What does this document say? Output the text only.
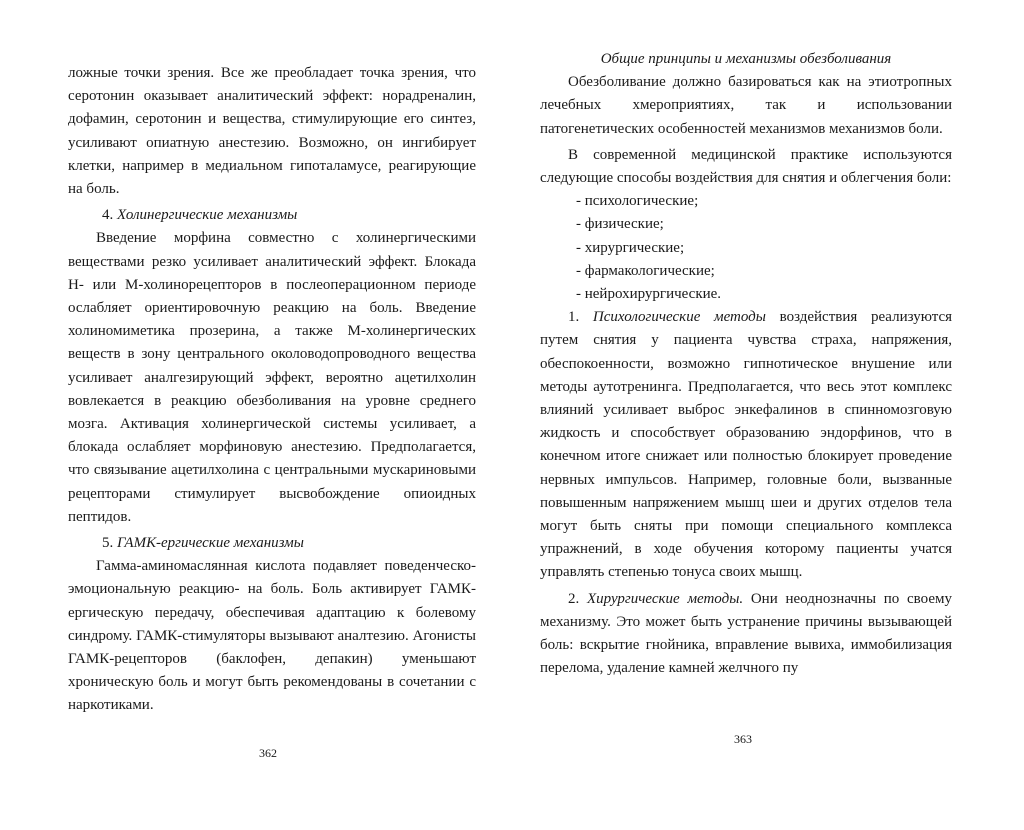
ложные точки зрения. Все же преобладает точка зрения, что серотонин оказывает аналитический эффект: норадреналин, дофамин, серотонин и вещества, стимулирующие его синтез, усиливают опиатную анестезию. Возможно, он ингибирует клетки, например в медиальном гипоталамусе, реагирующие на боль.

4. Холинергические механизмы

Введение морфина совместно с холинергическими веществами резко усиливает аналитический эффект. Блокада Н- или М-холинорецепторов в послеоперационном периоде ослабляет ориентировочную реакцию на боль. Введение холиномиметика прозерина, а также М-холинергических веществ в зону центрального околоводопроводного вещества усиливает аналгезирующий эффект, вероятно ацетилхолин вовлекается в реакцию обезболивания на уровне среднего мозга. Активация холинергической системы усиливает, а блокада ослабляет морфиновую анестезию. Предполагается, что связывание ацетилхолина с центральными мускариновыми рецепторами стимулирует высвобождение опиоидных пептидов.

5. ГАМК-ергические механизмы

Гамма-аминомаслянная кислота подавляет поведенческо-эмоциональную реакцию- на боль. Боль активирует ГАМК-ергическую передачу, обеспечивая адаптацию к болевому синдрому. ГАМК-стимуляторы вызывают аналтезию. Агонисты ГАМК-рецепторов (баклофен, депакин) уменьшают хроническую боль и могут быть рекомендованы в сочетании с наркотиками.

362

Общие принципы и механизмы обезболивания

Обезболивание должно базироваться как на этиотропных лечебных хмероприятиях, так и использовании патогенетических особенностей механизмов механизмов боли.

В современной медицинской практике используются следующие способы воздействия для снятия и облегчения боли:

- психологические;
- физические;
- хирургические;
- фармакологические;
- нейрохирургические.

1. Психологические методы воздействия реализуются путем снятия у пациента чувства страха, напряжения, обеспокоенности, возможно гипнотическое внушение или методы аутотренинга. Предполагается, что весь этот комплекс влияний усиливает выброс энкефалинов в спинномозговую жидкость и способствует образованию эндорфинов, что в конечном итоге снижает или полностью блокирует проведение нервных импульсов. Например, головные боли, вызванные повышенным напряжением мышц шеи и других отделов тела могут быть сняты при помощи специального комплекса упражнений, в ходе обучения которому пациенты учатся управлять степенью тонуса своих мышц.

2. Хирургические методы. Они неоднозначны по своему механизму. Это может быть устранение причины вызывающей боль: вскрытие гнойника, вправление вывиха, иммобилизация перелома, удаление камней желчного пу

363
